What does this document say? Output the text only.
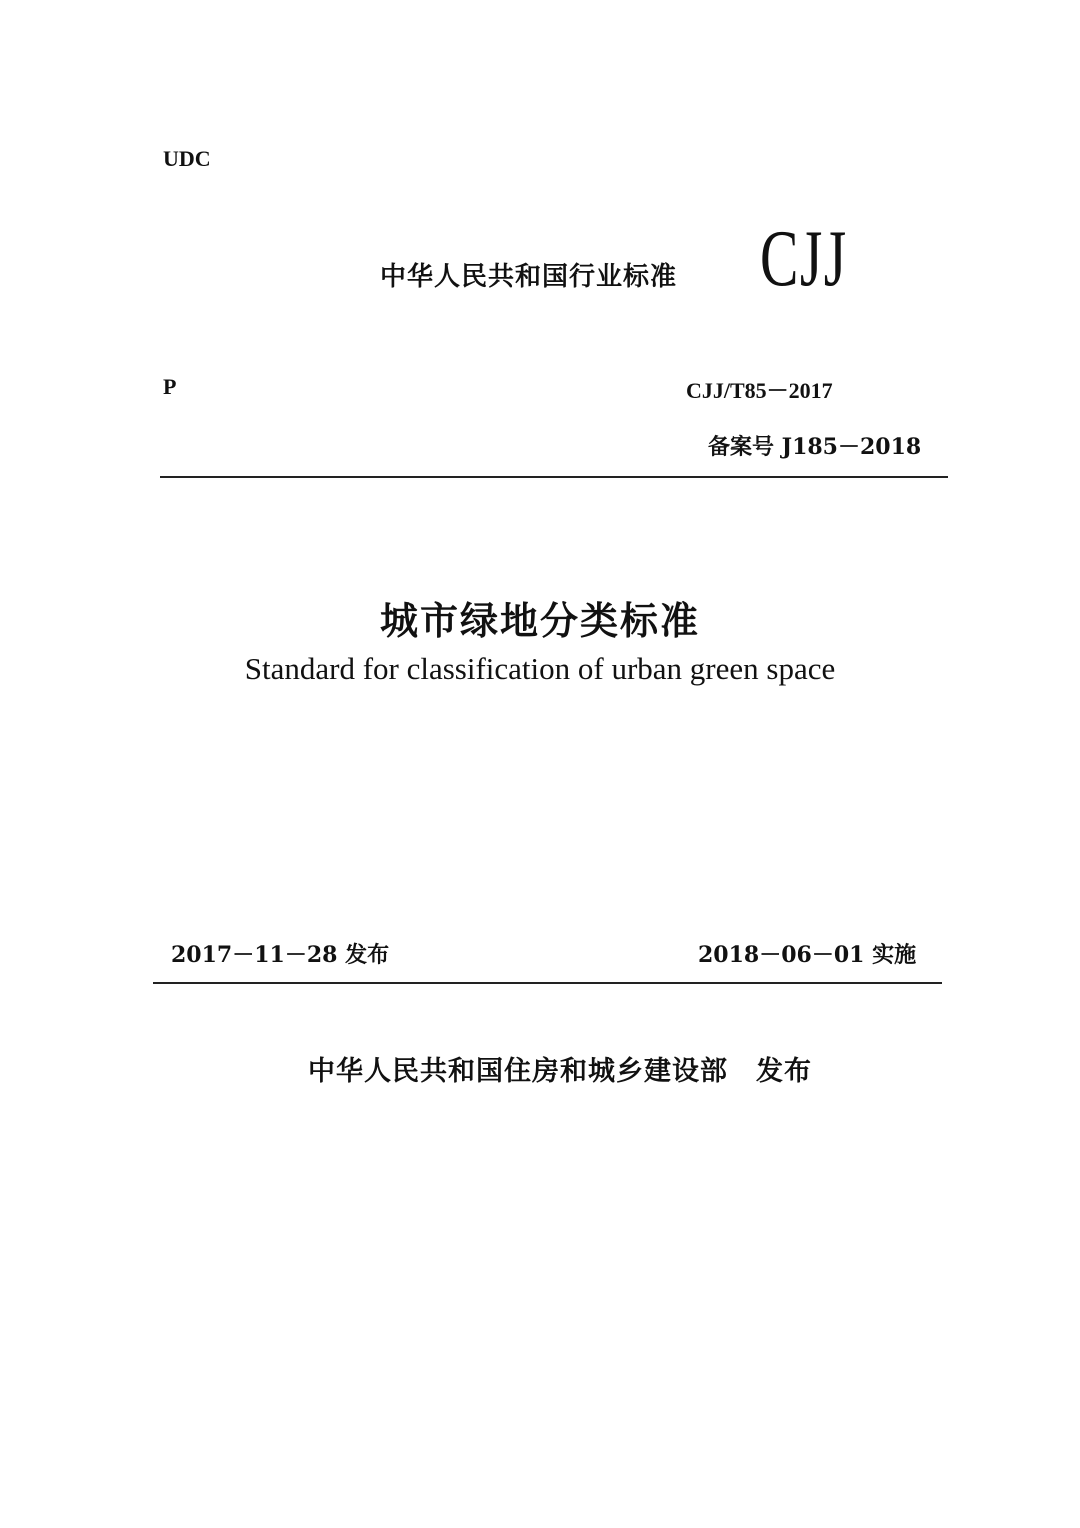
UDC
中华人民共和国行业标准 CJJ
P	CJJ/T85－2017
备案号 J185－2018
城市绿地分类标准
Standard for classification of urban green space
2017－11－28 发布	2018－06－01 实施
中华人民共和国住房和城乡建设部　发布
